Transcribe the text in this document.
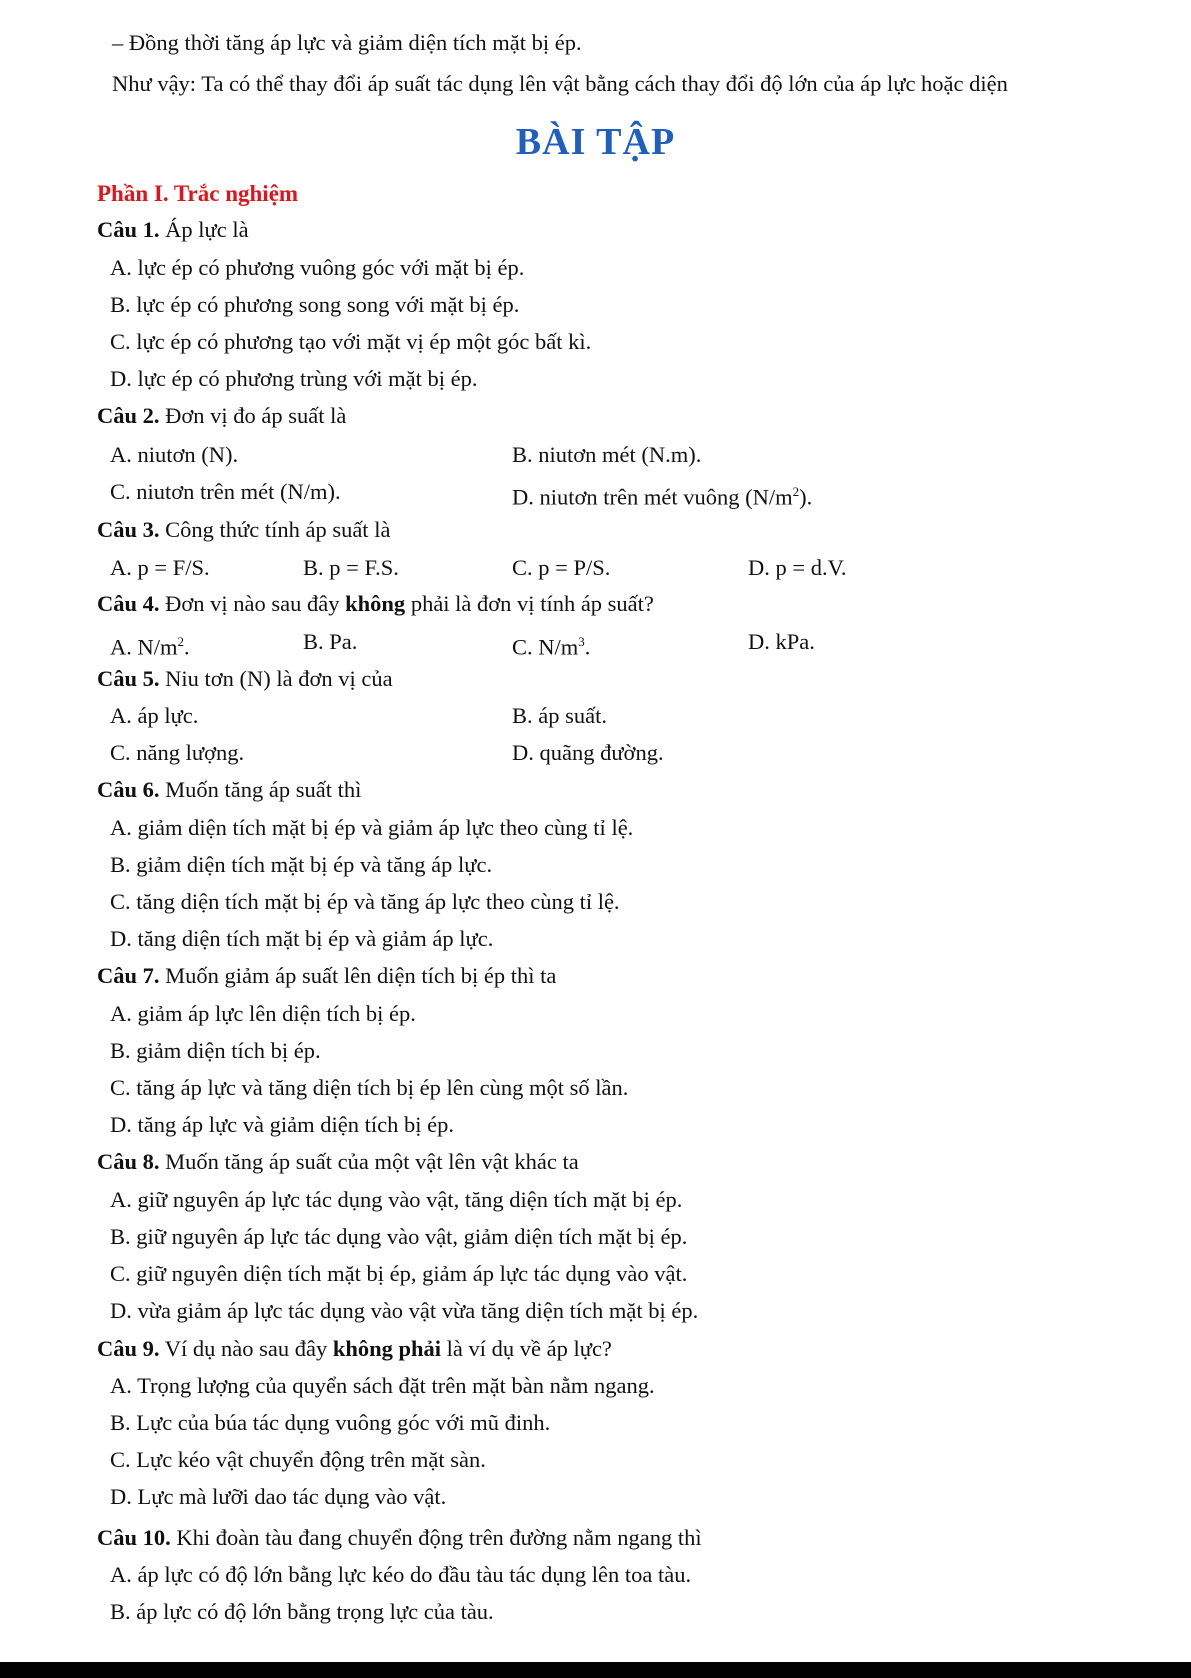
– Đồng thời tăng áp lực và giảm diện tích mặt bị ép.
Như vậy: Ta có thể thay đổi áp suất tác dụng lên vật bằng cách thay đổi độ lớn của áp lực hoặc diện
BÀI TẬP
Phần I. Trắc nghiệm
Câu 1. Áp lực là
A. lực ép có phương vuông góc với mặt bị ép.
B. lực ép có phương song song với mặt bị ép.
C. lực ép có phương tạo với mặt vị ép một góc bất kì.
D. lực ép có phương trùng với mặt bị ép.
Câu 2. Đơn vị đo áp suất là
A. niutơn (N).	B. niutơn mét (N.m).
C. niutơn trên mét (N/m).	D. niutơn trên mét vuông $(N/m^2)$.
Câu 3. Công thức tính áp suất là
A. p = F/S.	B. p = F.S.	C. p = P/S.	D. p = d.V.
Câu 4. Đơn vị nào sau đây không phải là đơn vị tính áp suất?
A. $N/m^2$.	B. Pa.	C. $N/m^3$.	D. kPa.
Câu 5. Niu tơn (N) là đơn vị của
A. áp lực.	B. áp suất.
C. năng lượng.	D. quãng đường.
Câu 6. Muốn tăng áp suất thì
A. giảm diện tích mặt bị ép và giảm áp lực theo cùng tỉ lệ.
B. giảm diện tích mặt bị ép và tăng áp lực.
C. tăng diện tích mặt bị ép và tăng áp lực theo cùng tỉ lệ.
D. tăng diện tích mặt bị ép và giảm áp lực.
Câu 7. Muốn giảm áp suất lên diện tích bị ép thì ta
A. giảm áp lực lên diện tích bị ép.
B. giảm diện tích bị ép.
C. tăng áp lực và tăng diện tích bị ép lên cùng một số lần.
D. tăng áp lực và giảm diện tích bị ép.
Câu 8. Muốn tăng áp suất của một vật lên vật khác ta
A. giữ nguyên áp lực tác dụng vào vật, tăng diện tích mặt bị ép.
B. giữ nguyên áp lực tác dụng vào vật, giảm diện tích mặt bị ép.
C. giữ nguyên diện tích mặt bị ép, giảm áp lực tác dụng vào vật.
D. vừa giảm áp lực tác dụng vào vật vừa tăng diện tích mặt bị ép.
Câu 9. Ví dụ nào sau đây không phải là ví dụ về áp lực?
A. Trọng lượng của quyển sách đặt trên mặt bàn nằm ngang.
B. Lực của búa tác dụng vuông góc với mũ đinh.
C. Lực kéo vật chuyển động trên mặt sàn.
D. Lực mà lưỡi dao tác dụng vào vật.
Câu 10. Khi đoàn tàu đang chuyển động trên đường nằm ngang thì
A. áp lực có độ lớn bằng lực kéo do đầu tàu tác dụng lên toa tàu.
B. áp lực có độ lớn bằng trọng lực của tàu.
